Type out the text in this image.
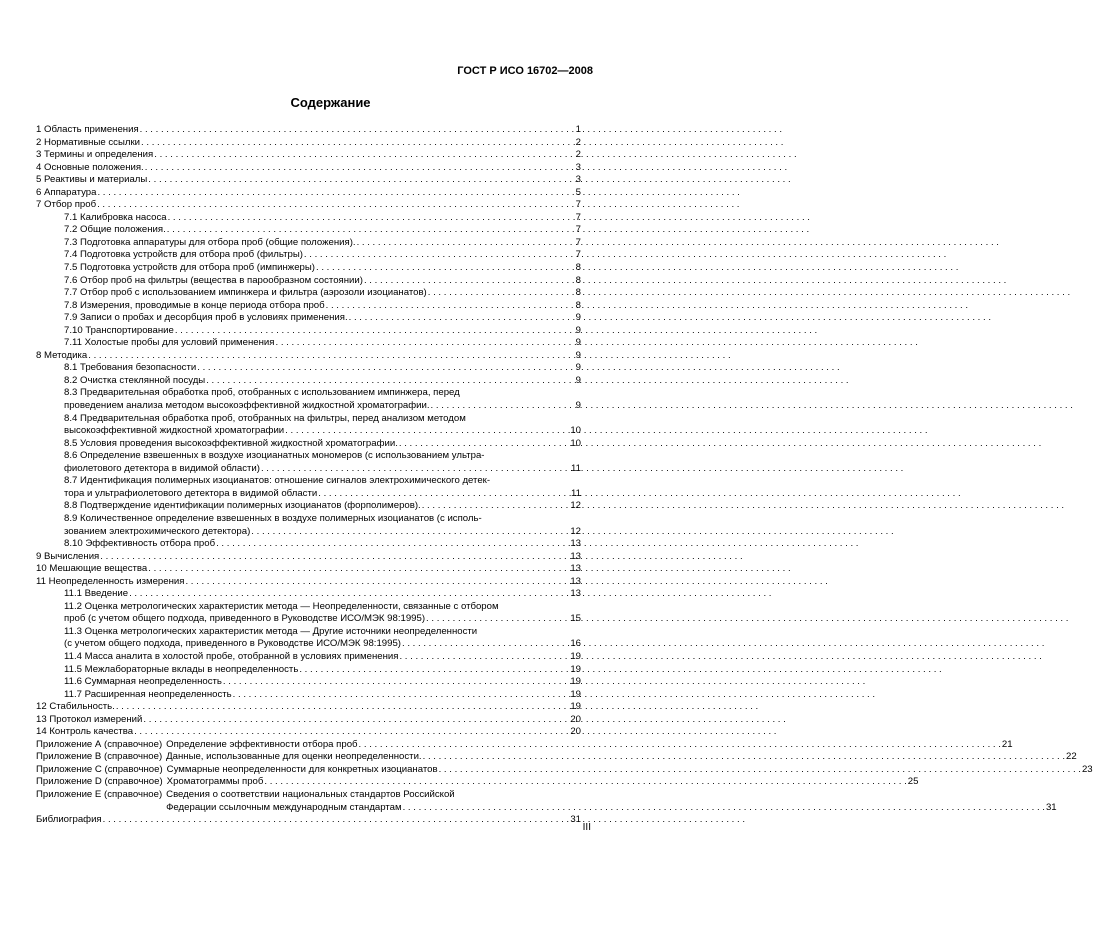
ГОСТ Р ИСО 16702—2008
Содержание
1 Область применения . . .	1
2 Нормативные ссылки . . .	2
3 Термины и определения . . .	2
4 Основные положения. . . .	3
5 Реактивы и материалы . . .	3
6 Аппаратура . . .	5
7 Отбор проб . . .	7
7.1 Калибровка насоса . . .	7
7.2 Общие положения. . . .	7
7.3 Подготовка аппаратуры для отбора проб (общие положения). . . .	7
7.4 Подготовка устройств для отбора проб (фильтры) . . .	7
7.5 Подготовка устройств для отбора проб (импинжеры) . . .	8
7.6 Отбор проб на фильтры (вещества в парообразном состоянии) . . .	8
7.7 Отбор проб с использованием импинжера и фильтра (аэрозоли изоцианатов) . . .	8
7.8 Измерения, проводимые в конце периода отбора проб . . .	8
7.9 Записи о пробах и десорбция проб в условиях применения. . . .	9
7.10 Транспортирование . . .	9
7.11 Холостые пробы для условий применения . . .	9
8 Методика . . .	9
8.1 Требования безопасности . . .	9
8.2 Очистка стеклянной посуды . . .	9
8.3 Предварительная обработка проб, отобранных с использованием импинжера, перед
проведением анализа методом высокоэффективной жидкостной хроматографии. . . .	9
8.4 Предварительная обработка проб, отобранных на фильтры, перед анализом методом
высокоэффективной жидкостной хроматографии . . .	10
8.5 Условия проведения высокоэффективной жидкостной хроматографии. . . .	10
8.6 Определение взвешенных в воздухе изоцианатных мономеров (с использованием ультра-
фиолетового детектора в видимой области) . . .	11
8.7 Идентификация полимерных изоцианатов: отношение сигналов электрохимического детек-
тора и ультрафиолетового детектора в видимой области . . .	11
8.8 Подтверждение идентификации полимерных изоцианатов (форполимеров). . . .	12
8.9 Количественное определение взвешенных в воздухе полимерных изоцианатов (с исполь-
зованием электрохимического детектора) . . .	12
8.10 Эффективность отбора проб . . .	13
9 Вычисления . . .	13
10 Мешающие вещества . . .	13
11 Неопределенность измерения . . .	13
11.1 Введение . . .	13
11.2 Оценка метрологических характеристик метода — Неопределенности, связанные с отбором
проб (с учетом общего подхода, приведенного в Руководстве ИСО/МЭК 98:1995) . . .	15
11.3 Оценка метрологических характеристик метода — Другие источники неопределенности
(с учетом общего подхода, приведенного в Руководстве ИСО/МЭК 98:1995) . . .	16
11.4 Масса аналита в холостой пробе, отобранной в условиях применения . . .	19
11.5 Межлабораторные вклады в неопределенность . . .	19
11.6 Суммарная неопределенность . . .	19
11.7 Расширенная неопределенность . . .	19
12 Стабильность. . . .	19
13 Протокол измерений . . .	20
14 Контроль качества . . .	20
Приложение А (справочное) Определение эффективности отбора проб . . .	21
Приложение В (справочное) Данные, использованные для оценки неопределенности. . . .	22
Приложение С (справочное) Суммарные неопределенности для конкретных изоцианатов . . .	23
Приложение D (справочное) Хроматограммы проб . . .	25
Приложение Е (справочное) Сведения о соответствии национальных стандартов Российской
Федерации ссылочным международным стандартам . . .	31
Библиография . . .	31
III
